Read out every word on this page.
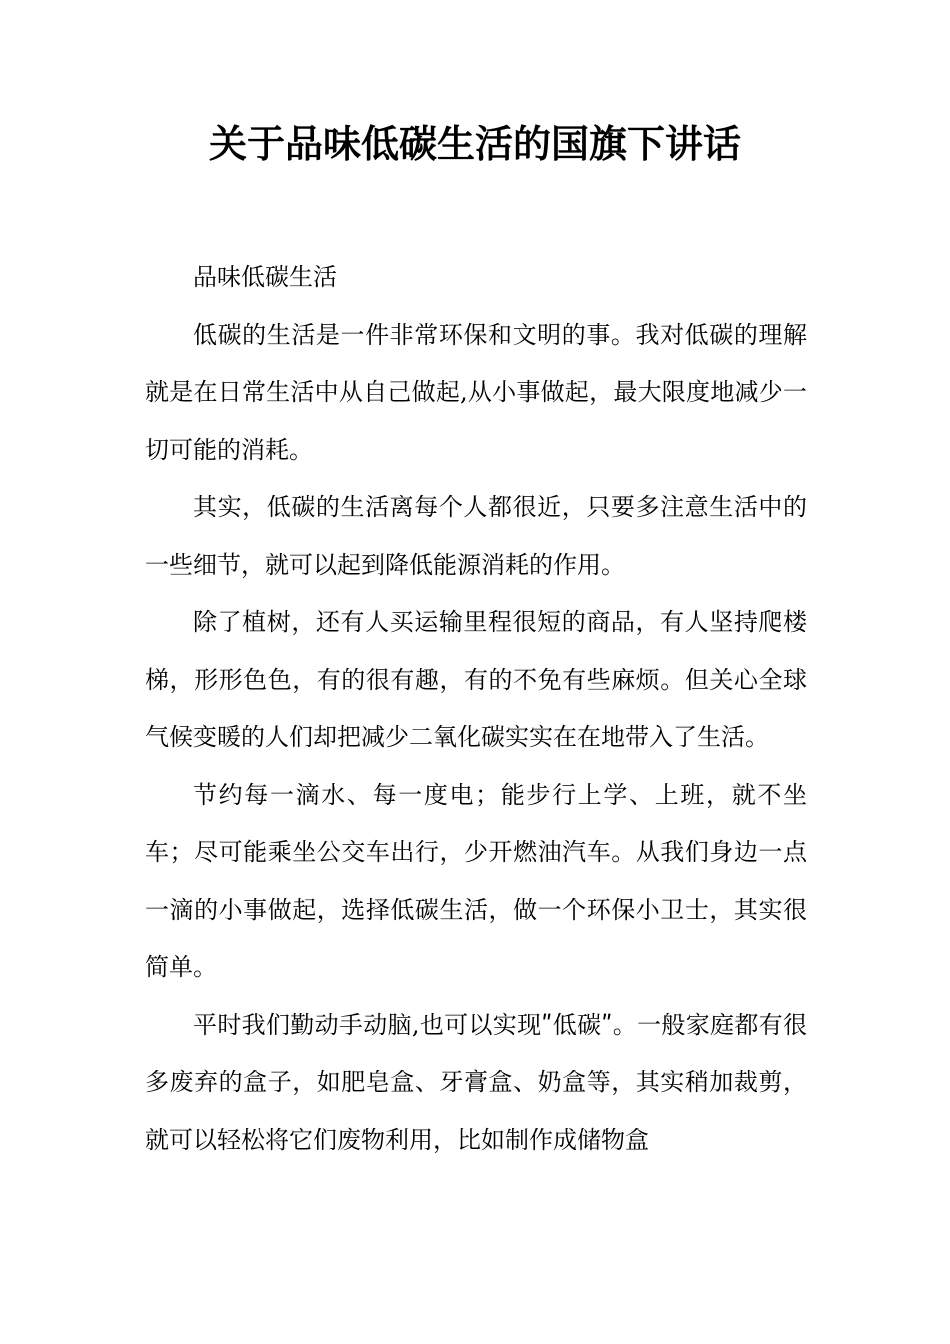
关于品味低碳生活的国旗下讲话

品味低碳生活

低碳的生活是一件非常环保和文明的事。我对低碳的理解就是在日常生活中从自己做起,从小事做起，最大限度地减少一切可能的消耗。

其实，低碳的生活离每个人都很近，只要多注意生活中的一些细节，就可以起到降低能源消耗的作用。

除了植树，还有人买运输里程很短的商品，有人坚持爬楼梯，形形色色，有的很有趣，有的不免有些麻烦。但关心全球气候变暖的人们却把减少二氧化碳实实在在地带入了生活。

节约每一滴水、每一度电；能步行上学、上班，就不坐车；尽可能乘坐公交车出行，少开燃油汽车。从我们身边一点一滴的小事做起，选择低碳生活，做一个环保小卫士，其实很简单。

平时我们勤动手动脑,也可以实现ʺ低碳ʺ。一般家庭都有很多废弃的盒子，如肥皂盒、牙膏盒、奶盒等，其实稍加裁剪，就可以轻松将它们废物利用，比如制作成储物盒
